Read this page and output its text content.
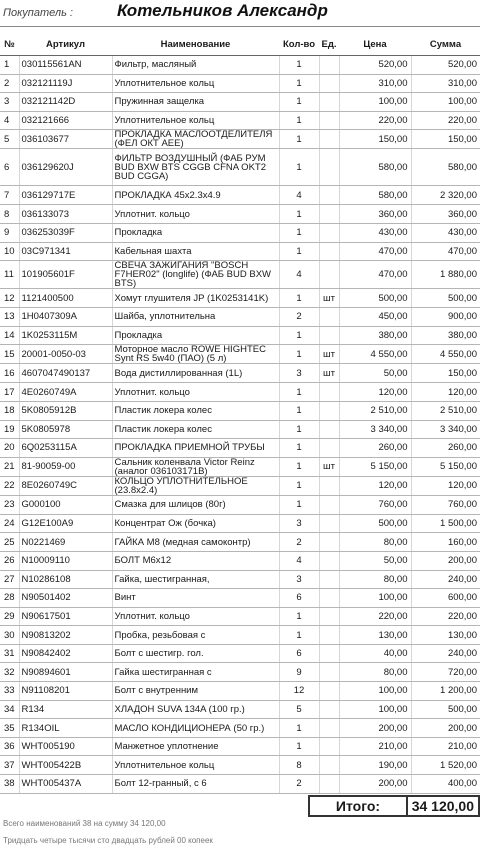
Покупатель :	Котельников Александр
№	Артикул	Наименование	Кол-во	Ед.	Цена	Сумма
1	030115561AN	Фильтр, масляный	1		520,00	520,00
2	032121119J	Уплотнительное кольц	1		310,00	310,00
3	032121142D	Пружинная защелка	1		100,00	100,00
4	032121666	Уплотнительное кольц	1		220,00	220,00
5	036103677	ПРОКЛАДКА МАСЛООТДЕЛИТЕЛЯ (ФЕЛ ОКТ АЕЕ)	1		150,00	150,00
6	036129620J	ФИЛЬТР ВОЗДУШНЫЙ (ФАБ РУМ BUD BXW BTS CGGB CFNA OKT2 BUD CGGA)	1		580,00	580,00
7	036129717E	ПРОКЛАДКА 45х2.3х4.9	4		580,00	2 320,00
8	036133073	Уплотнит. кольцо	1		360,00	360,00
9	036253039F	Прокладка	1		430,00	430,00
10	03C971341	Кабельная шахта	1		470,00	470,00
11	101905601F	СВЕЧА ЗАЖИГАНИЯ "BOSCH F7HER02" (longlife) (ФАБ BUD BXW BTS)	4		470,00	1 880,00
12	1121400500	Хомут глушителя JP (1K0253141K)	1	шт	500,00	500,00
13	1H0407309A	Шайба, уплотнительна	2		450,00	900,00
14	1K0253115M	Прокладка	1		380,00	380,00
15	20001-0050-03	Моторное масло ROWE HIGHTEC Synt RS 5w40 (ПАО) (5 л)	1	шт	4 550,00	4 550,00
16	4607047490137	Вода дистиллированная (1L)	3	шт	50,00	150,00
17	4E0260749A	Уплотнит. кольцо	1		120,00	120,00
18	5K0805912B	Пластик локера колес	1		2 510,00	2 510,00
19	5K0805978	Пластик локера колес	1		3 340,00	3 340,00
20	6Q0253115A	ПРОКЛАДКА ПРИЕМНОЙ ТРУБЫ	1		260,00	260,00
21	81-90059-00	Сальник коленвала Victor Reinz (аналог 036103171B)	1	шт	5 150,00	5 150,00
22	8E0260749C	КОЛЬЦО УПЛОТНИТЕЛЬНОЕ (23.8х2.4)	1		120,00	120,00
23	G000100	Смазка для шлицов (80г)	1		760,00	760,00
24	G12E100A9	Концентрат Ож (бочка)	3		500,00	1 500,00
25	N0221469	ГАЙКА М8 (медная самоконтр)	2		80,00	160,00
26	N10009110	БОЛТ М6х12	4		50,00	200,00
27	N10286108	Гайка, шестигранная,	3		80,00	240,00
28	N90501402	Винт	6		100,00	600,00
29	N90617501	Уплотнит. кольцо	1		220,00	220,00
30	N90813202	Пробка, резьбовая с	1		130,00	130,00
31	N90842402	Болт с шестигр. гол.	6		40,00	240,00
32	N90894601	Гайка шестигранная с	9		80,00	720,00
33	N91108201	Болт с внутренним	12		100,00	1 200,00
34	R134	ХЛАДОН SUVA 134A (100 гр.)	5		100,00	500,00
35	R134OIL	МАСЛО КОНДИЦИОНЕРА (50 гр.)	1		200,00	200,00
36	WHT005190	Манжетное уплотнение	1		210,00	210,00
37	WHT005422B	Уплотнительное кольц	8		190,00	1 520,00
38	WHT005437A	Болт 12-гранный, с 6	2		200,00	400,00
Итого:	34 120,00
Всего наименований 38 на сумму 34 120,00
Тридцать четыре тысячи сто двадцать рублей 00 копеек
